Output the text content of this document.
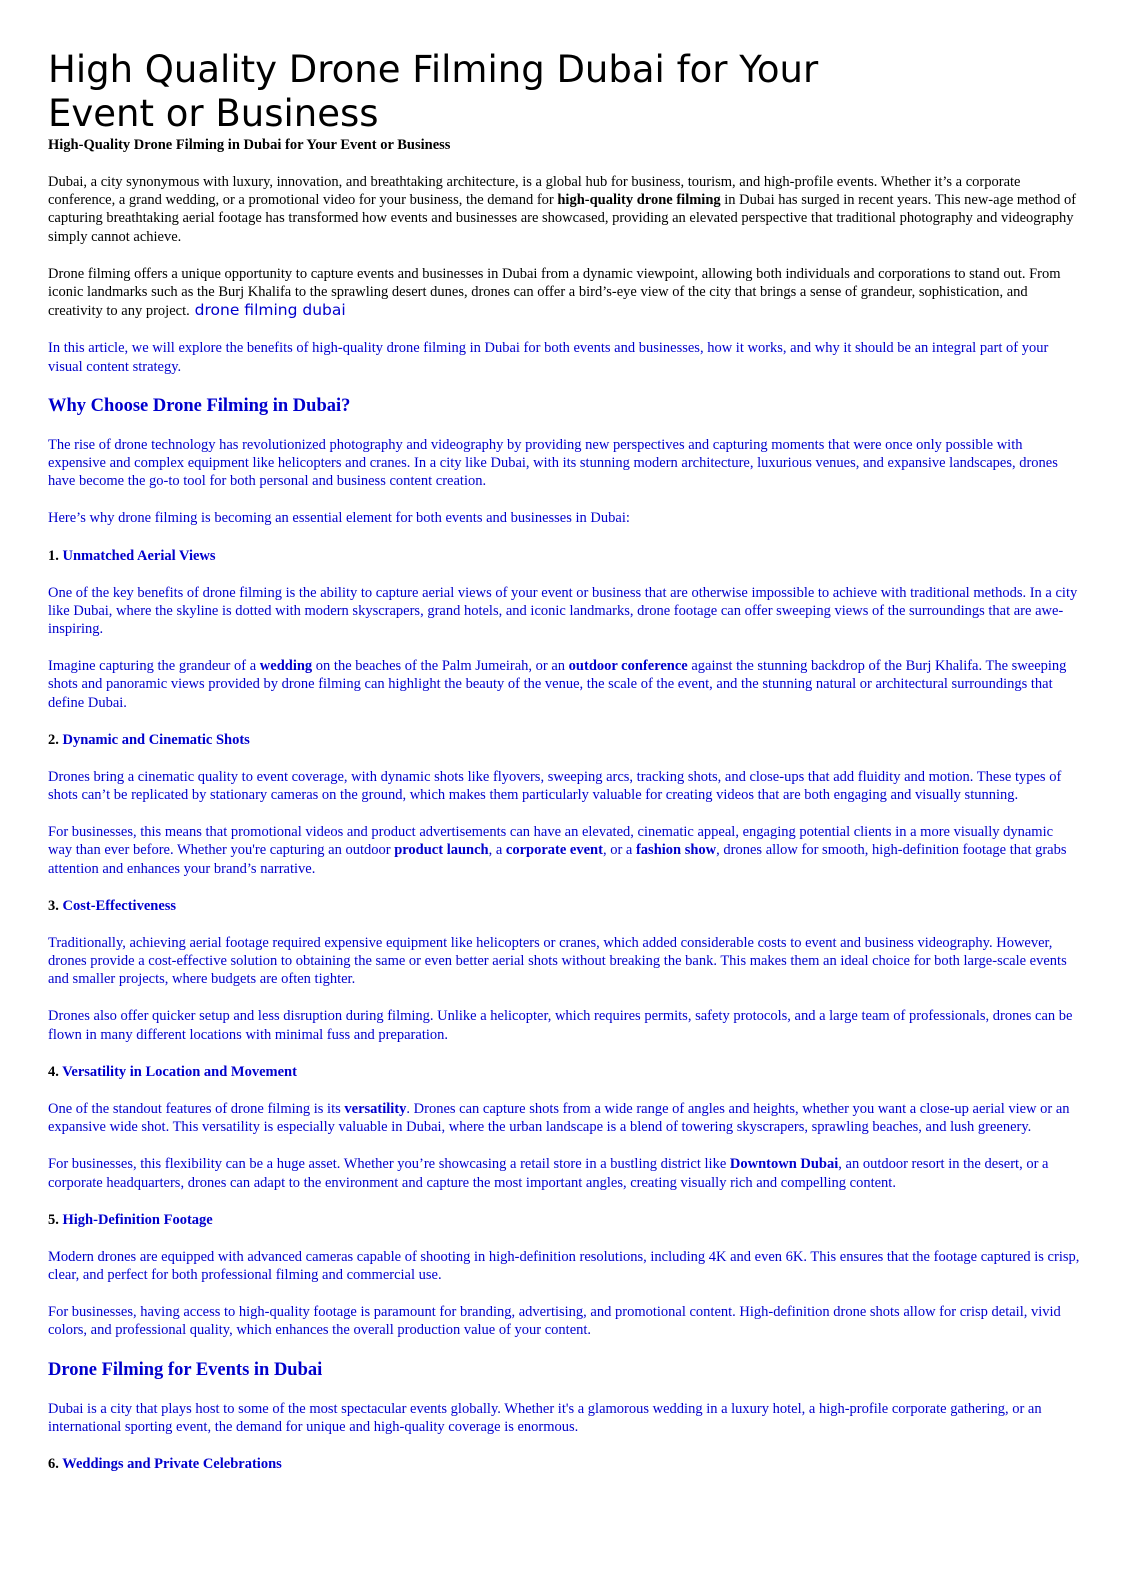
High Quality Drone Filming Dubai for Your Event or Business
High-Quality Drone Filming in Dubai for Your Event or Business

Dubai, a city synonymous with luxury, innovation, and breathtaking architecture, is a global hub for business, tourism, and high-profile events. Whether it’s a corporate conference, a grand wedding, or a promotional video for your business, the demand for high-quality drone filming in Dubai has surged in recent years. This new-age method of capturing breathtaking aerial footage has transformed how events and businesses are showcased, providing an elevated perspective that traditional photography and videography simply cannot achieve.

Drone filming offers a unique opportunity to capture events and businesses in Dubai from a dynamic viewpoint, allowing both individuals and corporations to stand out. From iconic landmarks such as the Burj Khalifa to the sprawling desert dunes, drones can offer a bird’s-eye view of the city that brings a sense of grandeur, sophistication, and creativity to any project. drone filming dubai

In this article, we will explore the benefits of high-quality drone filming in Dubai for both events and businesses, how it works, and why it should be an integral part of your visual content strategy.

Why Choose Drone Filming in Dubai?

The rise of drone technology has revolutionized photography and videography by providing new perspectives and capturing moments that were once only possible with expensive and complex equipment like helicopters and cranes. In a city like Dubai, with its stunning modern architecture, luxurious venues, and expansive landscapes, drones have become the go-to tool for both personal and business content creation.

Here’s why drone filming is becoming an essential element for both events and businesses in Dubai:

1. Unmatched Aerial Views

One of the key benefits of drone filming is the ability to capture aerial views of your event or business that are otherwise impossible to achieve with traditional methods. In a city like Dubai, where the skyline is dotted with modern skyscrapers, grand hotels, and iconic landmarks, drone footage can offer sweeping views of the surroundings that are awe-inspiring.

Imagine capturing the grandeur of a wedding on the beaches of the Palm Jumeirah, or an outdoor conference against the stunning backdrop of the Burj Khalifa. The sweeping shots and panoramic views provided by drone filming can highlight the beauty of the venue, the scale of the event, and the stunning natural or architectural surroundings that define Dubai.

2. Dynamic and Cinematic Shots

Drones bring a cinematic quality to event coverage, with dynamic shots like flyovers, sweeping arcs, tracking shots, and close-ups that add fluidity and motion. These types of shots can’t be replicated by stationary cameras on the ground, which makes them particularly valuable for creating videos that are both engaging and visually stunning.

For businesses, this means that promotional videos and product advertisements can have an elevated, cinematic appeal, engaging potential clients in a more visually dynamic way than ever before. Whether you're capturing an outdoor product launch, a corporate event, or a fashion show, drones allow for smooth, high-definition footage that grabs attention and enhances your brand’s narrative.

3. Cost-Effectiveness

Traditionally, achieving aerial footage required expensive equipment like helicopters or cranes, which added considerable costs to event and business videography. However, drones provide a cost-effective solution to obtaining the same or even better aerial shots without breaking the bank. This makes them an ideal choice for both large-scale events and smaller projects, where budgets are often tighter.

Drones also offer quicker setup and less disruption during filming. Unlike a helicopter, which requires permits, safety protocols, and a large team of professionals, drones can be flown in many different locations with minimal fuss and preparation.

4. Versatility in Location and Movement

One of the standout features of drone filming is its versatility. Drones can capture shots from a wide range of angles and heights, whether you want a close-up aerial view or an expansive wide shot. This versatility is especially valuable in Dubai, where the urban landscape is a blend of towering skyscrapers, sprawling beaches, and lush greenery.

For businesses, this flexibility can be a huge asset. Whether you’re showcasing a retail store in a bustling district like Downtown Dubai, an outdoor resort in the desert, or a corporate headquarters, drones can adapt to the environment and capture the most important angles, creating visually rich and compelling content.

5. High-Definition Footage

Modern drones are equipped with advanced cameras capable of shooting in high-definition resolutions, including 4K and even 6K. This ensures that the footage captured is crisp, clear, and perfect for both professional filming and commercial use.

For businesses, having access to high-quality footage is paramount for branding, advertising, and promotional content. High-definition drone shots allow for crisp detail, vivid colors, and professional quality, which enhances the overall production value of your content.

Drone Filming for Events in Dubai

Dubai is a city that plays host to some of the most spectacular events globally. Whether it's a glamorous wedding in a luxury hotel, a high-profile corporate gathering, or an international sporting event, the demand for unique and high-quality coverage is enormous.

6. Weddings and Private Celebrations
